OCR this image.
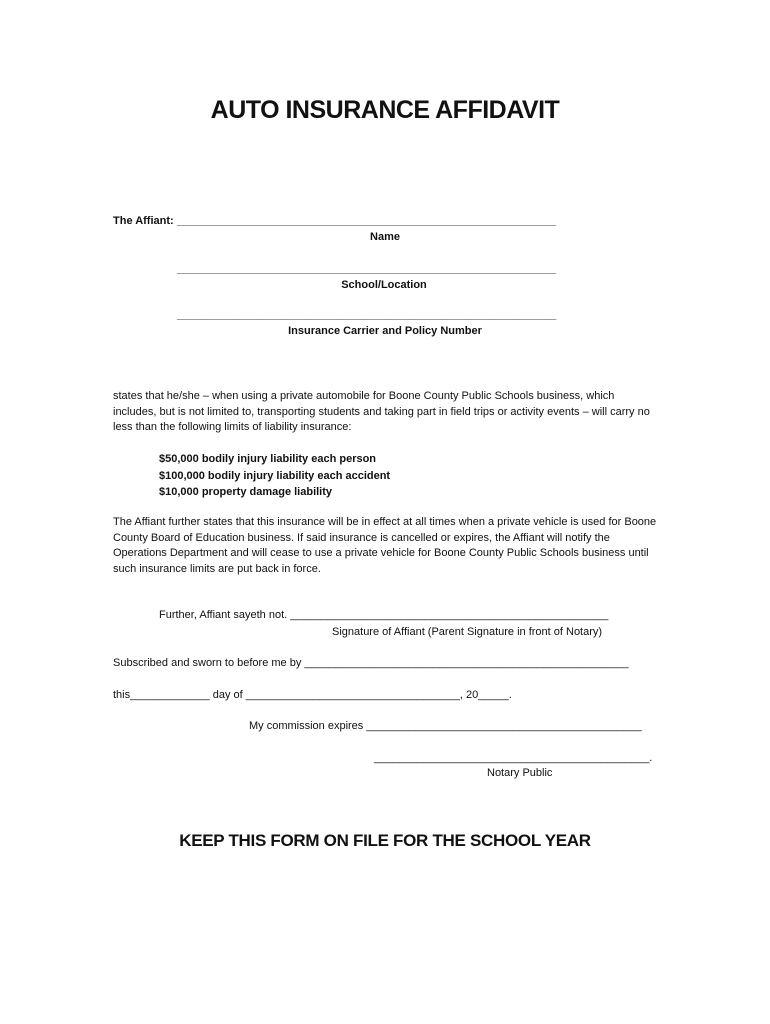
AUTO INSURANCE AFFIDAVIT
The Affiant: ______________________________________________________________
Name
______________________________________________________________
School/Location
______________________________________________________________
Insurance Carrier and Policy Number
states that he/she – when using a private automobile for Boone County Public Schools business, which includes, but is not limited to, transporting students and taking part in field trips or activity events – will carry no less than the following limits of liability insurance:
$50,000 bodily injury liability each person
$100,000 bodily injury liability each accident
$10,000 property damage liability
The Affiant further states that this insurance will be in effect at all times when a private vehicle is used for Boone County Board of Education business. If said insurance is cancelled or expires, the Affiant will notify the Operations Department and will cease to use a private vehicle for Boone County Public Schools business until such insurance limits are put back in force.
Further, Affiant sayeth not. ____________________________________________________
Signature of Affiant (Parent Signature in front of Notary)
Subscribed and sworn to before me by _____________________________________________________
this_____________ day of ___________________________________, 20_____.
My commission expires _____________________________________________
_____________________________________________.
Notary Public
KEEP THIS FORM ON FILE FOR THE SCHOOL YEAR
